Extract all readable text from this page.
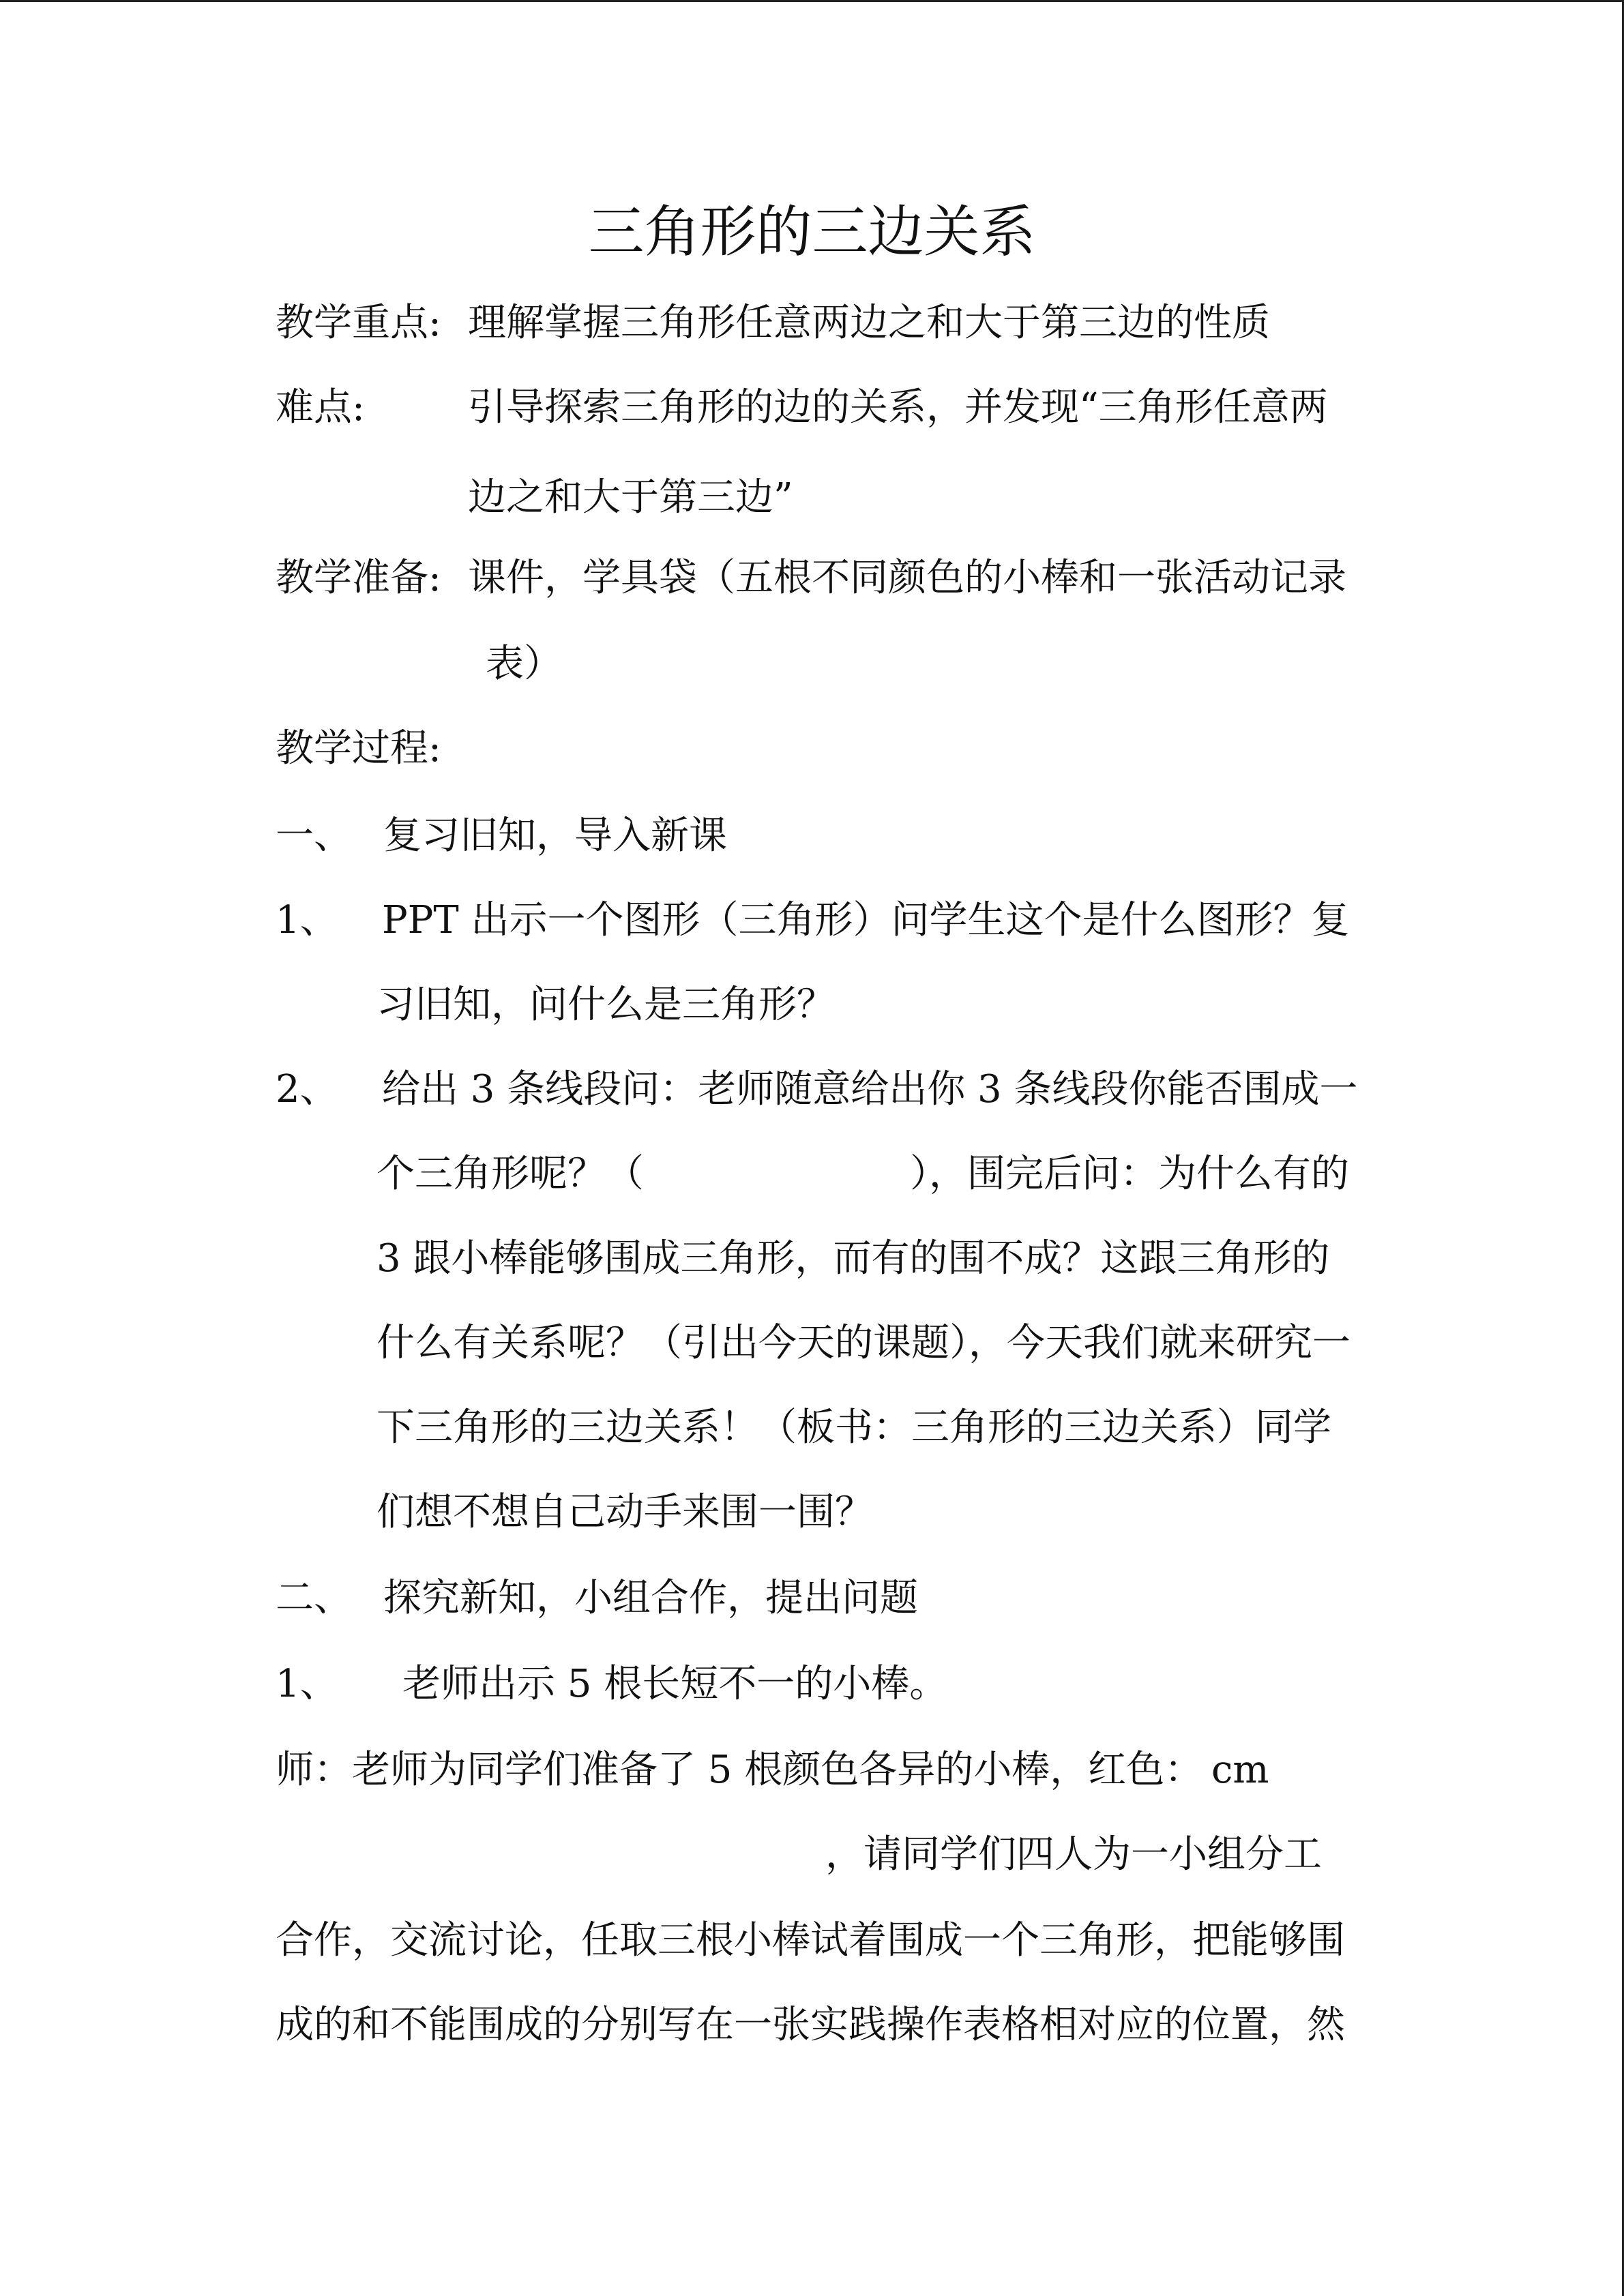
三角形的三边关系
教学重点: 理解掌握三角形任意两边之和大于第三边的性质
难点:	引导探索三角形的边的关系，并发现“三角形任意两
边之和大于第三边”
教学准备: 课件，学具袋（五根不同颜色的小棒和一张活动记录
表）
教学过程:
一、 复习旧知，导入新课
1、 PPT 出示一个图形（三角形）问学生这个是什么图形？复
习旧知，问什么是三角形？
2、 给出 3 条线段问：老师随意给出你 3 条线段你能否围成一
个三角形呢？（	），围完后问：为什么有的
3 跟小棒能够围成三角形，而有的围不成？这跟三角形的
什么有关系呢？（引出今天的课题），今天我们就来研究一
下三角形的三边关系！（板书：三角形的三边关系）同学
们想不想自己动手来围一围？
二、 探究新知，小组合作，提出问题
1、 老师出示 5 根长短不一的小棒。
师：老师为同学们准备了 5 根颜色各异的小棒，红色： cm
，请同学们四人为一小组分工
合作，交流讨论，任取三根小棒试着围成一个三角形，把能够围
成的和不能围成的分别写在一张实践操作表格相对应的位置，然
